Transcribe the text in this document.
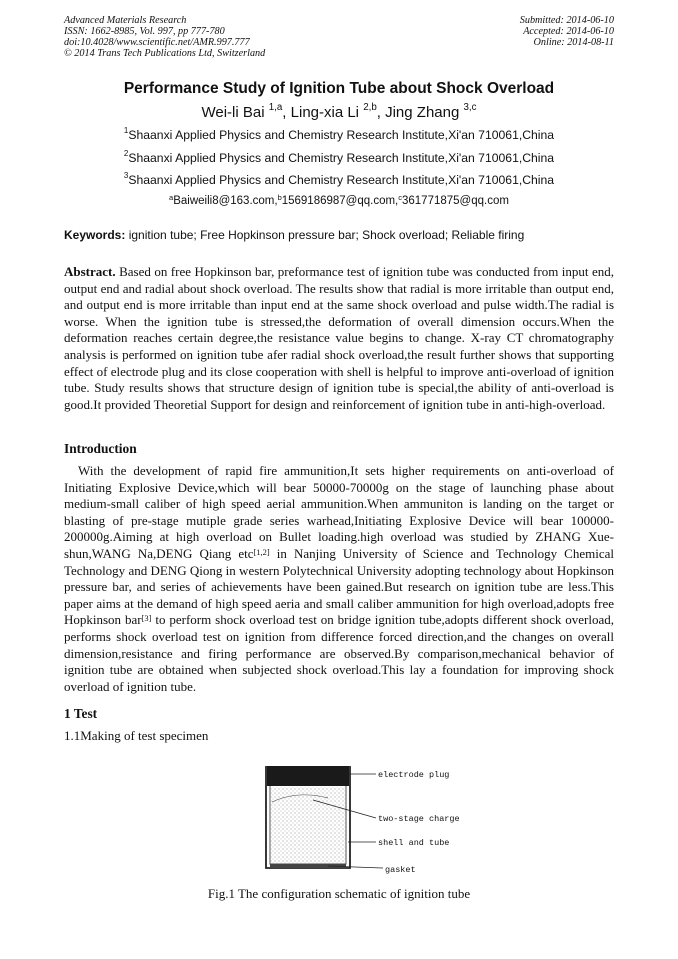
Advanced Materials Research
ISSN: 1662-8985, Vol. 997, pp 777-780
doi:10.4028/www.scientific.net/AMR.997.777
© 2014 Trans Tech Publications Ltd, Switzerland
Submitted: 2014-06-10
Accepted: 2014-06-10
Online: 2014-08-11
Performance Study of Ignition Tube about Shock Overload
Wei-li Bai $^{1,a}$, Ling-xia Li $^{2,b}$, Jing Zhang $^{3,c}$
$^1$Shaanxi Applied Physics and Chemistry Research Institute,Xi'an 710061,China
$^2$Shaanxi Applied Physics and Chemistry Research Institute,Xi'an 710061,China
$^3$Shaanxi Applied Physics and Chemistry Research Institute,Xi'an 710061,China
$^a$Baiweili8@163.com,$^b$1569186987@qq.com,$^c$361771875@qq.com
Keywords: ignition tube; Free Hopkinson pressure bar; Shock overload; Reliable firing
Abstract. Based on free Hopkinson bar, preformance test of ignition tube was conducted from input end, output end and radial about shock overload. The results show that radial is more irritable than output end, and output end is more irritable than input end at the same shock overload and pulse width.The radial is worse. When the ignition tube is stressed,the deformation of overall dimension occurs.When the deformation reaches certain degree,the resistance value begins to change. X-ray CT chromatography analysis is performed on ignition tube afer radial shock overload,the result further shows that supporting effect of electrode plug and its close cooperation with shell is helpful to improve anti-overload of ignition tube. Study results shows that structure design of ignition tube is special,the ability of anti-overload is good.It provided Theoretial Support for design and reinforcement of ignition tube in anti-high-overload.
Introduction
With the development of rapid fire ammunition,It sets higher requirements on anti-overload of Initiating Explosive Device,which will bear 50000-70000g on the stage of launching phase about medium-small caliber of high speed aerial ammunition.When ammuniton is landing on the target or blasting of pre-stage mutiple grade series warhead,Initiating Explosive Device will bear 100000-200000g.Aiming at high overload on Bullet loading.high overload was studied by ZHANG Xue-shun,WANG Na,DENG Qiang etc[1,2] in Nanjing University of Science and Technology Chemical Technology and DENG Qiong in western Polytechnical University adopting technology about Hopkinson pressure bar, and series of achievements have been gained.But research on ignition tube are less.This paper aims at the demand of high speed aeria and small caliber ammunition for high overload,adopts free Hopkinson bar[3] to perform shock overload test on bridge ignition tube,adopts different shock overload, performs shock overload test on ignition from difference forced direction,and the changes on overall dimension,resistance and firing performance are observed.By comparison,mechanical behavior of ignition tube are obtained when subjected shock overload.This lay a foundation for improving shock overload of ignition tube.
1 Test
1.1Making of test specimen
electrode plug
two-stage charge
shell and tube
gasket
Fig.1 The configuration schematic of ignition tube
